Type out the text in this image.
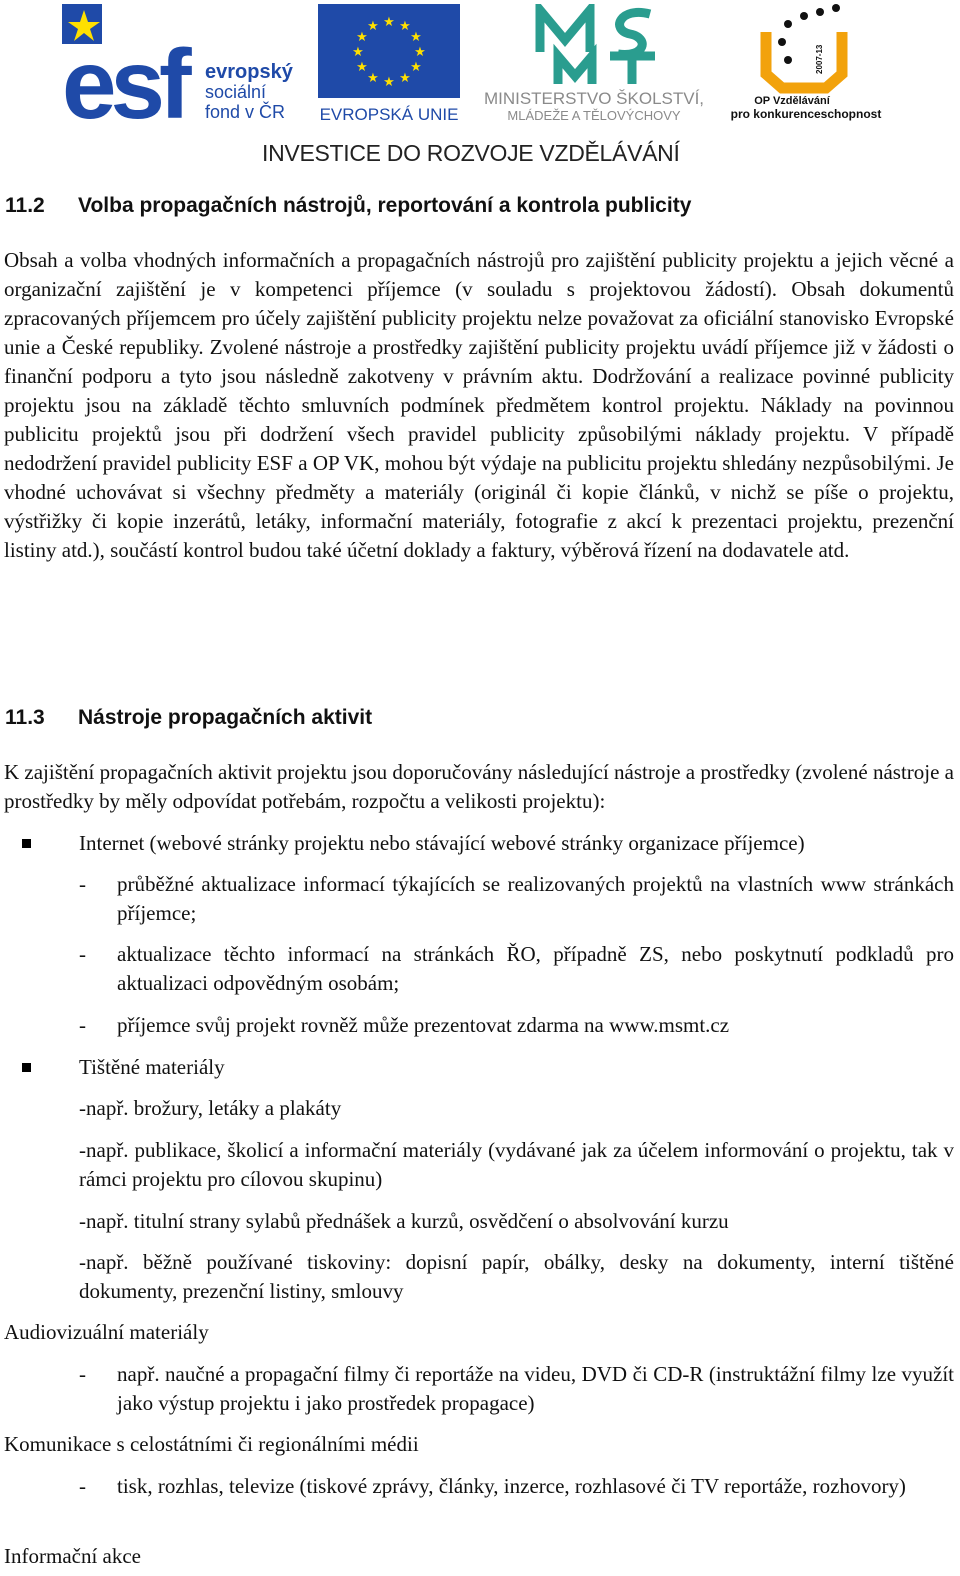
esf evropský
sociální
fond v ČR
★ ★
★
★
★
★
★
★
★
★
★
★
EVROPSKÁ UNIE
MINISTERSTVO ŠKOLSTVÍ,
MLÁDEŽE A TĚLOVÝCHOVY
2007-13
OP Vzdělávání
pro konkurenceschopnost
INVESTICE DO ROZVOJE VZDĚLÁVÁNÍ
11.2 Volba propagačních nástrojů, reportování a kontrola publicity
Obsah a volba vhodných informačních a propagačních nástrojů pro zajištění publicity projektu a jejich věcné a organizační zajištění je v kompetenci příjemce (v souladu s projektovou žádostí). Obsah dokumentů zpracovaných příjemcem pro účely zajištění publicity projektu nelze považovat za oficiální stanovisko Evropské unie a České republiky. Zvolené nástroje a prostředky zajištění publicity projektu uvádí příjemce již v žádosti o finanční podporu a tyto jsou následně zakotveny v právním aktu. Dodržování a realizace povinné publicity projektu jsou na základě těchto smluvních podmínek předmětem kontrol projektu. Náklady na povinnou publicitu projektů jsou při dodržení všech pravidel publicity způsobilými náklady projektu. V případě nedodržení pravidel publicity ESF a OP VK, mohou být výdaje na publicitu projektu shledány nezpůsobilými. Je vhodné uchovávat si všechny předměty a materiály (originál či kopie článků, v nichž se píše o projektu, výstřižky či kopie inzerátů, letáky, informační materiály, fotografie z akcí k prezentaci projektu, prezenční listiny atd.), součástí kontrol budou také účetní doklady a faktury, výběrová řízení na dodavatele atd.
11.3 Nástroje propagačních aktivit
K zajištění propagačních aktivit projektu jsou doporučovány následující nástroje a prostředky (zvolené nástroje a prostředky by měly odpovídat potřebám, rozpočtu a velikosti projektu):
Internet (webové stránky projektu nebo stávající webové stránky organizace příjemce)
- průběžné aktualizace informací týkajících se realizovaných projektů na vlastních www stránkách příjemce;
- aktualizace těchto informací na stránkách ŘO, případně ZS, nebo poskytnutí podkladů pro aktualizaci odpovědným osobám;
- příjemce svůj projekt rovněž může prezentovat zdarma na www.msmt.cz
Tištěné materiály
-např. brožury, letáky a plakáty
-např. publikace, školicí a informační materiály (vydávané jak za účelem informování o projektu, tak v rámci projektu pro cílovou skupinu)
-např. titulní strany sylabů přednášek a kurzů, osvědčení o absolvování kurzu
-např. běžně používané tiskoviny: dopisní papír, obálky, desky na dokumenty, interní tištěné dokumenty, prezenční listiny, smlouvy
Audiovizuální materiály
- např. naučné a propagační filmy či reportáže na videu, DVD či CD-R (instruktážní filmy lze využít jako výstup projektu i jako prostředek propagace)
Komunikace s celostátními či regionálními médii
- tisk, rozhlas, televize (tiskové zprávy, články, inzerce, rozhlasové či TV reportáže, rozhovory)
Informační akce
